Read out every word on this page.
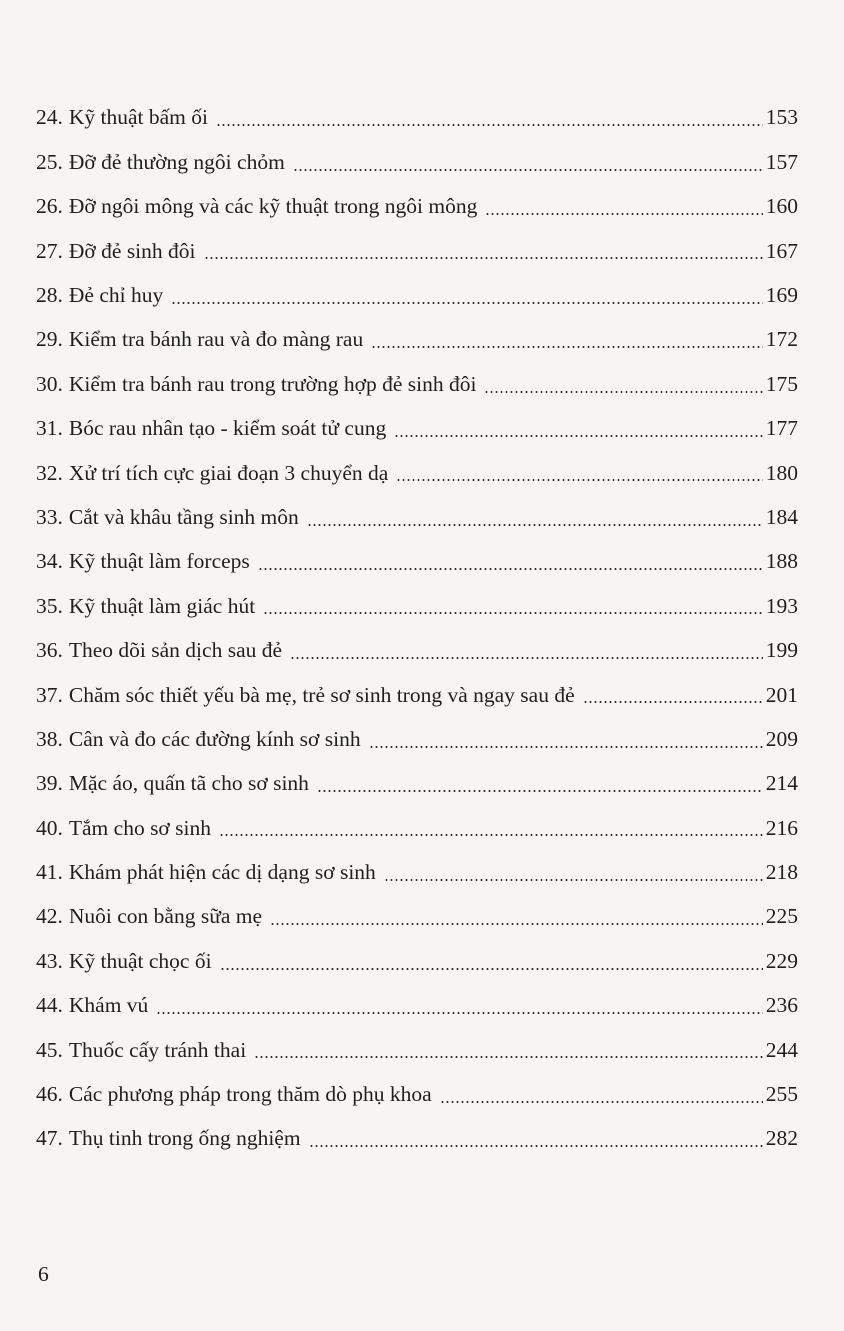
24. Kỹ thuật bấm ối	153
25. Đỡ đẻ thường ngôi chỏm	157
26. Đỡ ngôi mông và các kỹ thuật trong ngôi mông	160
27. Đỡ đẻ sinh đôi	167
28. Đẻ chỉ huy	169
29. Kiểm tra bánh rau và đo màng rau	172
30. Kiểm tra bánh rau trong trường hợp đẻ sinh đôi	175
31. Bóc rau nhân tạo - kiểm soát tử cung	177
32. Xử trí tích cực giai đoạn 3 chuyển dạ	180
33. Cắt và khâu tầng sinh môn	184
34. Kỹ thuật làm forceps	188
35. Kỹ thuật làm giác hút	193
36. Theo dõi sản dịch sau đẻ	199
37. Chăm sóc thiết yếu bà mẹ, trẻ sơ sinh trong và ngay sau đẻ	201
38. Cân và đo các đường kính sơ sinh	209
39. Mặc áo, quấn tã cho sơ sinh	214
40. Tắm cho sơ sinh	216
41. Khám phát hiện các dị dạng sơ sinh	218
42. Nuôi con bằng sữa mẹ	225
43. Kỹ thuật chọc ối	229
44. Khám vú	236
45. Thuốc cấy tránh thai	244
46. Các phương pháp trong thăm dò phụ khoa	255
47. Thụ tinh trong ống nghiệm	282
6
